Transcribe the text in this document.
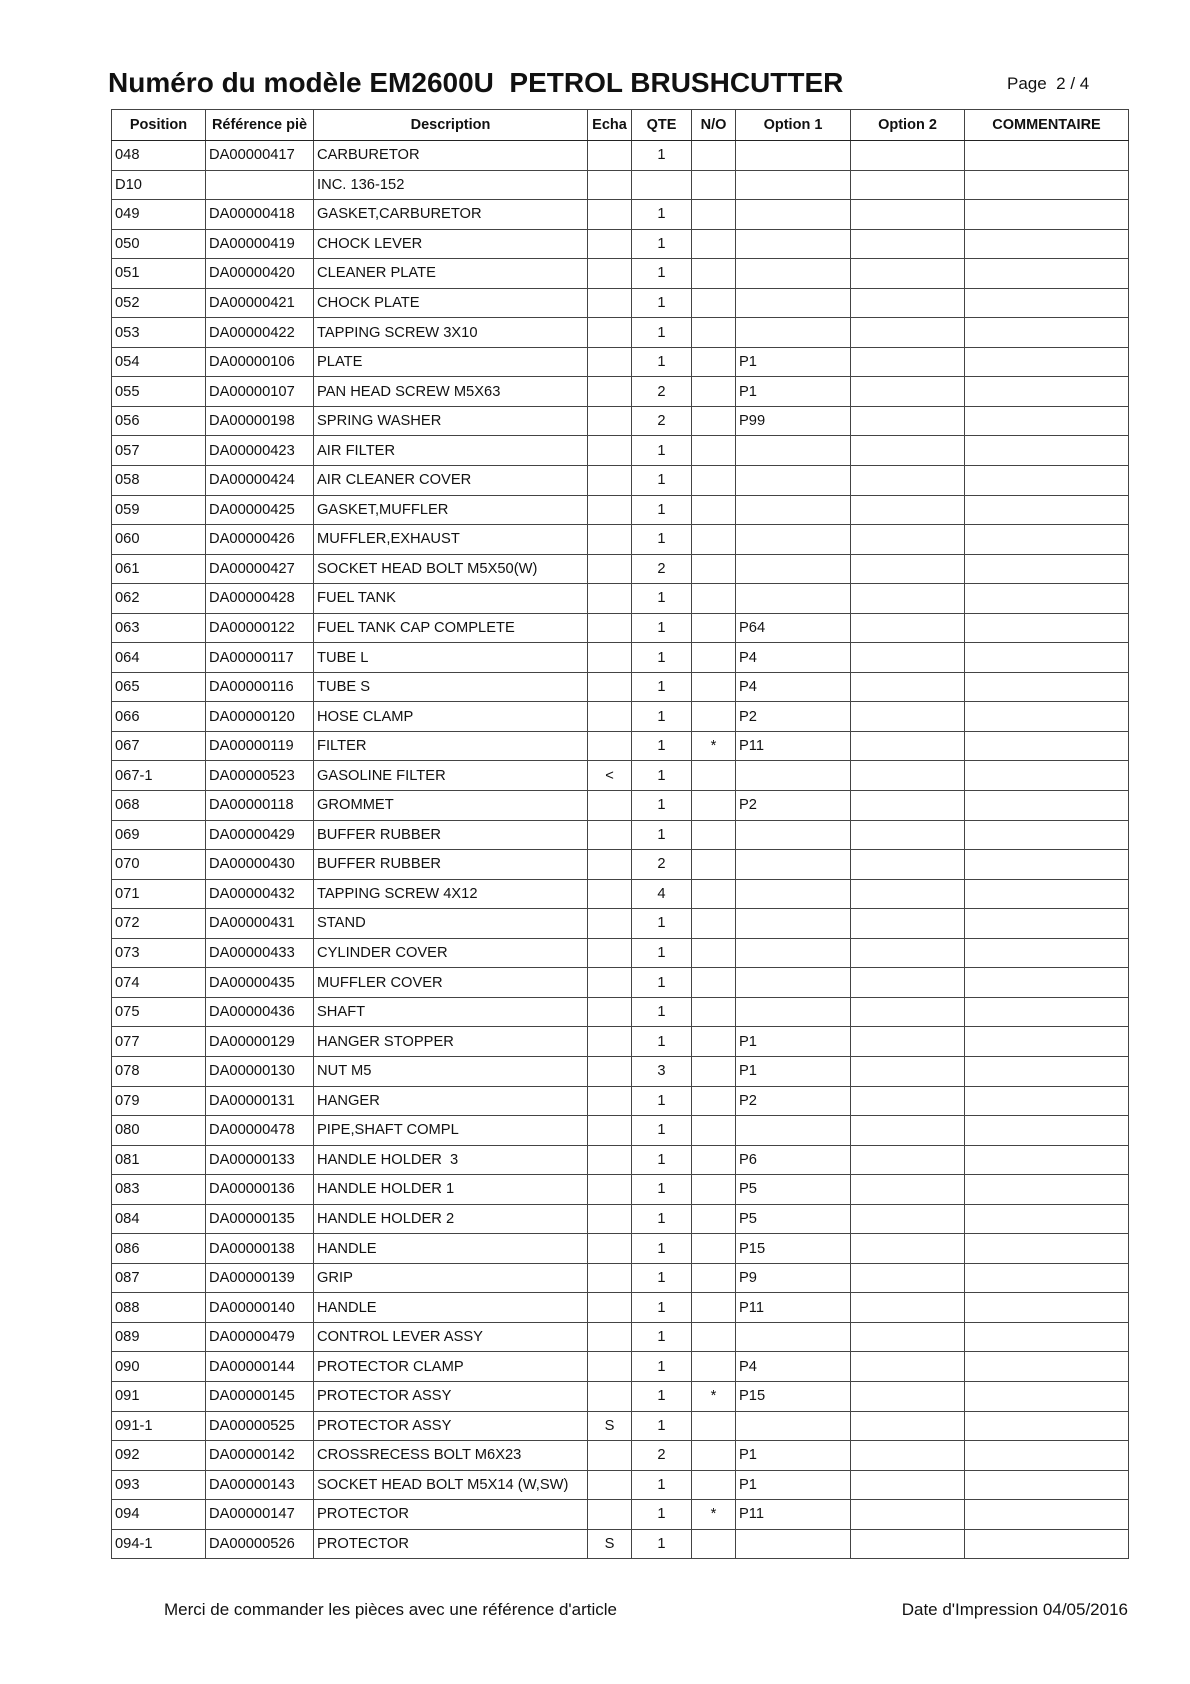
Numéro du modèle EM2600U  PETROL BRUSHCUTTER	Page  2 / 4
Position	Référence piè	Description	Echa	QTE	N/O	Option 1	Option 2	COMMENTAIRE
048	DA00000417	CARBURETOR		1				
D10		INC. 136-152						
049	DA00000418	GASKET,CARBURETOR		1				
050	DA00000419	CHOCK LEVER		1				
051	DA00000420	CLEANER PLATE		1				
052	DA00000421	CHOCK PLATE		1				
053	DA00000422	TAPPING SCREW 3X10		1				
054	DA00000106	PLATE		1		P1		
055	DA00000107	PAN HEAD SCREW M5X63		2		P1		
056	DA00000198	SPRING WASHER		2		P99		
057	DA00000423	AIR FILTER		1				
058	DA00000424	AIR CLEANER COVER		1				
059	DA00000425	GASKET,MUFFLER		1				
060	DA00000426	MUFFLER,EXHAUST		1				
061	DA00000427	SOCKET HEAD BOLT M5X50(W)		2				
062	DA00000428	FUEL TANK		1				
063	DA00000122	FUEL TANK CAP COMPLETE		1		P64		
064	DA00000117	TUBE L		1		P4		
065	DA00000116	TUBE S		1		P4		
066	DA00000120	HOSE CLAMP		1		P2		
067	DA00000119	FILTER		1	*	P11		
067-1	DA00000523	GASOLINE FILTER	<	1				
068	DA00000118	GROMMET		1		P2		
069	DA00000429	BUFFER RUBBER		1				
070	DA00000430	BUFFER RUBBER		2				
071	DA00000432	TAPPING SCREW 4X12		4				
072	DA00000431	STAND		1				
073	DA00000433	CYLINDER COVER		1				
074	DA00000435	MUFFLER COVER		1				
075	DA00000436	SHAFT		1				
077	DA00000129	HANGER STOPPER		1		P1		
078	DA00000130	NUT M5		3		P1		
079	DA00000131	HANGER		1		P2		
080	DA00000478	PIPE,SHAFT COMPL		1				
081	DA00000133	HANDLE HOLDER  3		1		P6		
083	DA00000136	HANDLE HOLDER 1		1		P5		
084	DA00000135	HANDLE HOLDER 2		1		P5		
086	DA00000138	HANDLE		1		P15		
087	DA00000139	GRIP		1		P9		
088	DA00000140	HANDLE		1		P11		
089	DA00000479	CONTROL LEVER ASSY		1				
090	DA00000144	PROTECTOR CLAMP		1		P4		
091	DA00000145	PROTECTOR ASSY		1	*	P15		
091-1	DA00000525	PROTECTOR ASSY	S	1				
092	DA00000142	CROSSRECESS BOLT M6X23		2		P1		
093	DA00000143	SOCKET HEAD BOLT M5X14 (W,SW)		1		P1		
094	DA00000147	PROTECTOR		1	*	P11		
094-1	DA00000526	PROTECTOR	S	1				
Merci de commander les pièces avec une référence d'article	Date d'Impression 04/05/2016
